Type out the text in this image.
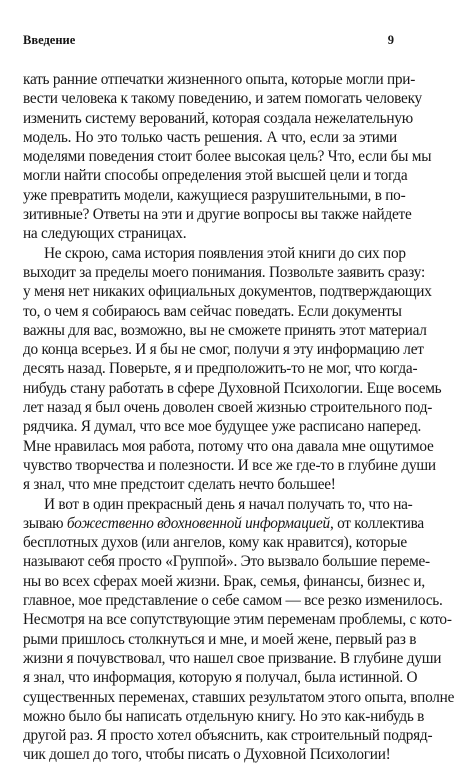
Введение	9
кать ранние отпечатки жизненного опыта, которые могли при-
вести человека к такому поведению, и затем помогать человеку
изменить систему верований, которая создала нежелательную
модель. Но это только часть решения. А что, если за этими
моделями поведения стоит более высокая цель? Что, если бы мы
могли найти способы определения этой высшей цели и тогда
уже превратить модели, кажущиеся разрушительными, в по-
зитивные? Ответы на эти и другие вопросы вы также найдете
на следующих страницах.
Не скрою, сама история появления этой книги до сих пор
выходит за пределы моего понимания. Позвольте заявить сразу:
у меня нет никаких официальных документов, подтверждающих
то, о чем я собираюсь вам сейчас поведать. Если документы
важны для вас, возможно, вы не сможете принять этот материал
до конца всерьез. И я бы не смог, получи я эту информацию лет
десять назад. Поверьте, я и предположить-то не мог, что когда-
нибудь стану работать в сфере Духовной Психологии. Еще восемь
лет назад я был очень доволен своей жизнью строительного под-
рядчика. Я думал, что все мое будущее уже расписано наперед.
Мне нравилась моя работа, потому что она давала мне ощутимое
чувство творчества и полезности. И все же где-то в глубине души
я знал, что мне предстоит сделать нечто большее!
И вот в один прекрасный день я начал получать то, что на-
зываю божественно вдохновенной информацией, от коллектива
бесплотных духов (или ангелов, кому как нравится), которые
называют себя просто «Группой». Это вызвало большие переме-
ны во всех сферах моей жизни. Брак, семья, финансы, бизнес и,
главное, мое представление о себе самом — все резко изменилось.
Несмотря на все сопутствующие этим переменам проблемы, с кото-
рыми пришлось столкнуться и мне, и моей жене, первый раз в
жизни я почувствовал, что нашел свое призвание. В глубине души
я знал, что информация, которую я получал, была истинной. О
существенных переменах, ставших результатом этого опыта, вполне
можно было бы написать отдельную книгу. Но это как-нибудь в
другой раз. Я просто хотел объяснить, как строительный подряд-
чик дошел до того, чтобы писать о Духовной Психологии!
